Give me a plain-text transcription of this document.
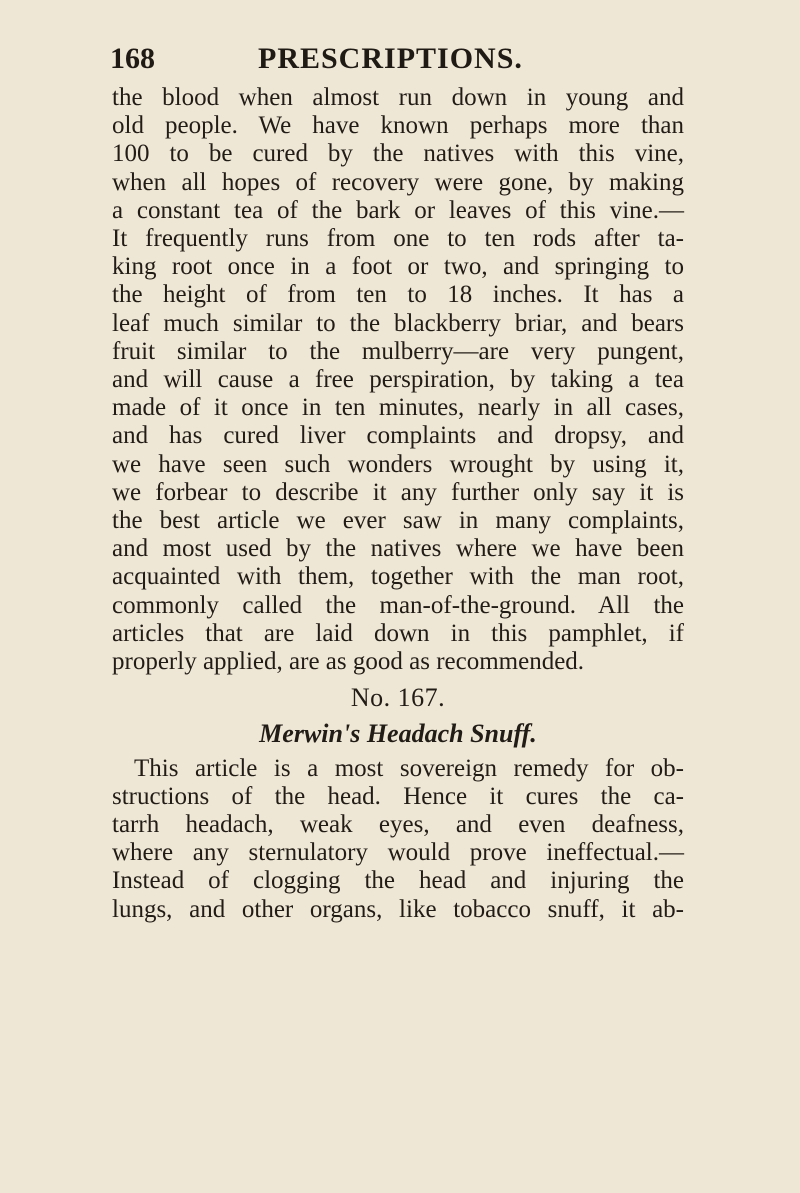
168	PRESCRIPTIONS.
the blood when almost run down in young and
old people. We have known perhaps more than
100 to be cured by the natives with this vine,
when all hopes of recovery were gone, by making
a constant tea of the bark or leaves of this vine.—
It frequently runs from one to ten rods after ta-
king root once in a foot or two, and springing to
the height of from ten to 18 inches. It has a
leaf much similar to the blackberry briar, and bears
fruit similar to the mulberry—are very pungent,
and will cause a free perspiration, by taking a tea
made of it once in ten minutes, nearly in all cases,
and has cured liver complaints and dropsy, and
we have seen such wonders wrought by using it,
we forbear to describe it any further only say it is
the best article we ever saw in many complaints,
and most used by the natives where we have been
acquainted with them, together with the man root,
commonly called the man-of-the-ground. All the
articles that are laid down in this pamphlet, if
properly applied, are as good as recommended.
No. 167.
Merwin's Headach Snuff.
This article is a most sovereign remedy for ob-
structions of the head. Hence it cures the ca-
tarrh headach, weak eyes, and even deafness,
where any sternulatory would prove ineffectual.—
Instead of clogging the head and injuring the
lungs, and other organs, like tobacco snuff, it ab-
